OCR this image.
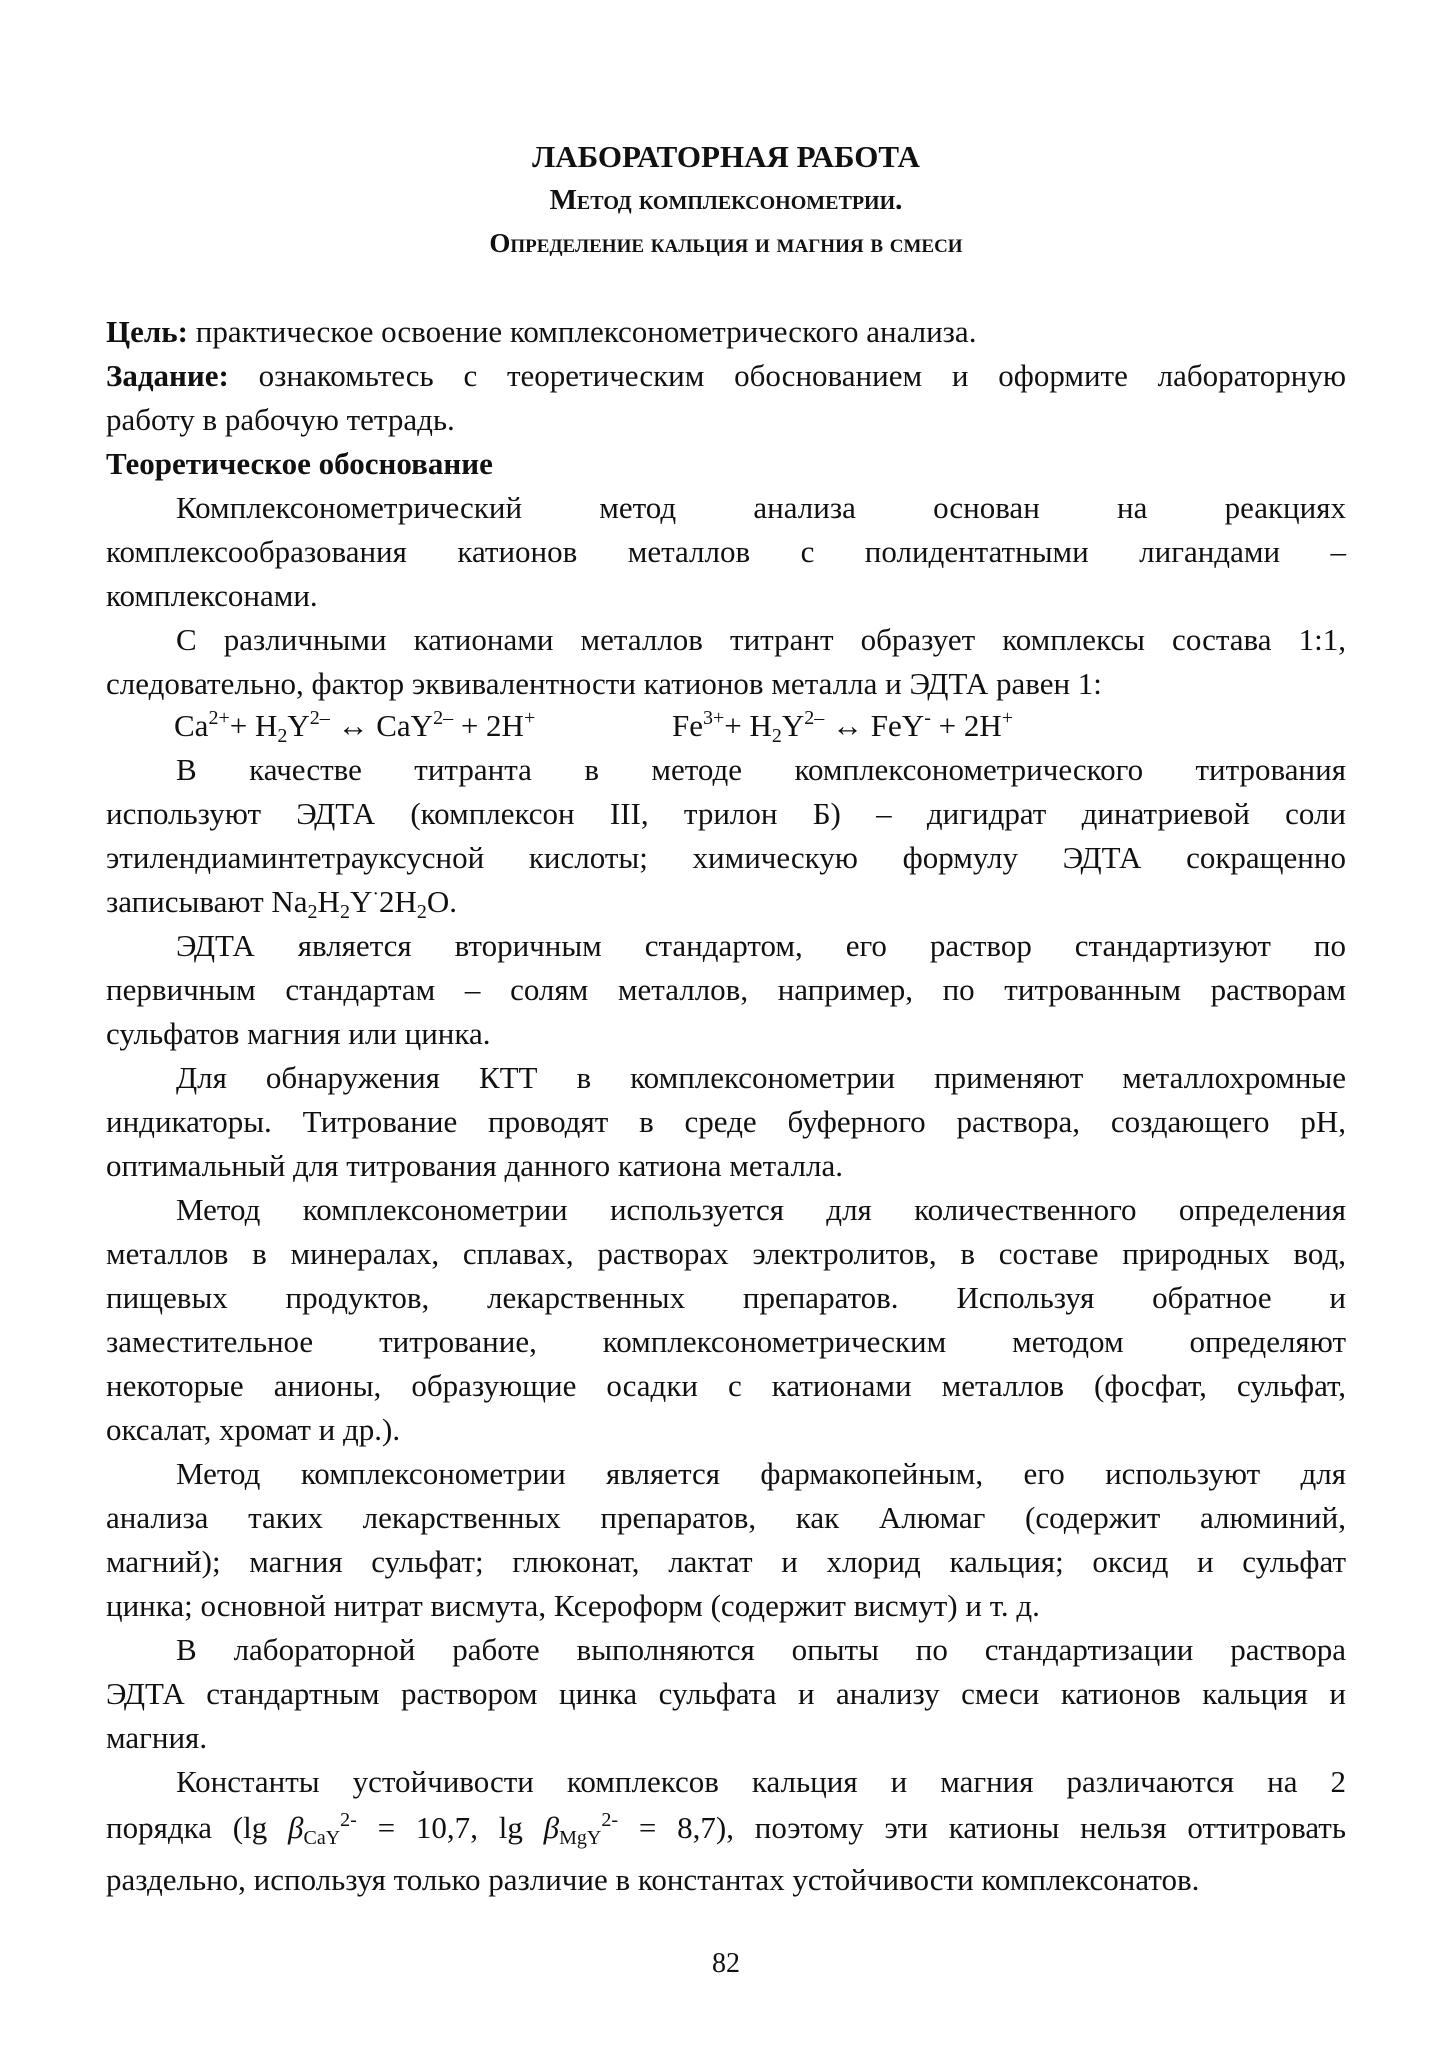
ЛАБОРАТОРНАЯ РАБОТА
Метод комплексонометрии.
Определение кальция и магния в смеси
Цель: практическое освоение комплексонометрического анализа.
Задание: ознакомьтесь с теоретическим обоснованием и оформите лабораторную
работу в рабочую тетрадь.
Теоретическое обоснование
Комплексонометрический метод анализа основан на реакциях
комплексообразования катионов металлов с полидентатными лигандами –
комплексонами.
С различными катионами металлов титрант образует комплексы состава 1:1,
следовательно, фактор эквивалентности катионов металла и ЭДТА равен 1:
$Ca^{2+}+ H_2Y^{2-}$ ↔ CaY$^{2-}$ + 2H+	$Fe^{3+}+ H_2Y^{2-}$ ↔ FeY- + 2H+
В качестве титранта в методе комплексонометрического титрования
используют ЭДТА (комплексон III, трилон Б) – дигидрат динатриевой соли
этилендиаминтетрауксусной кислоты; химическую формулу ЭДТА сокращенно
записывают $Na_2H_2Y^\cdot 2H_2O$.
ЭДТА является вторичным стандартом, его раствор стандартизуют по
первичным стандартам – солям металлов, например, по титрованным растворам
сульфатов магния или цинка.
Для обнаружения КТТ в комплексонометрии применяют металлохромные
индикаторы. Титрование проводят в среде буферного раствора, создающего pH,
оптимальный для титрования данного катиона металла.
Метод комплексонометрии используется для количественного определения
металлов в минералах, сплавах, растворах электролитов, в составе природных вод,
пищевых продуктов, лекарственных препаратов. Используя обратное и
заместительное титрование, комплексонометрическим методом определяют
некоторые анионы, образующие осадки с катионами металлов (фосфат, сульфат,
оксалат, хромат и др.).
Метод комплексонометрии является фармакопейным, его используют для
анализа таких лекарственных препаратов, как Алюмаг (содержит алюминий,
магний); магния сульфат; глюконат, лактат и хлорид кальция; оксид и сульфат
цинка; основной нитрат висмута, Ксероформ (содержит висмут) и т. д.
В лабораторной работе выполняются опыты по стандартизации раствора
ЭДТА стандартным раствором цинка сульфата и анализу смеси катионов кальция и
магния.
Константы устойчивости комплексов кальция и магния различаются на 2
порядка (lg $\beta_{CaY}^{2-} = 10,7$, $\lg \beta_{MgY}^{2-} = 8,7$), поэтому эти катионы нельзя оттитровать
раздельно, используя только различие в константах устойчивости комплексонатов.
82
